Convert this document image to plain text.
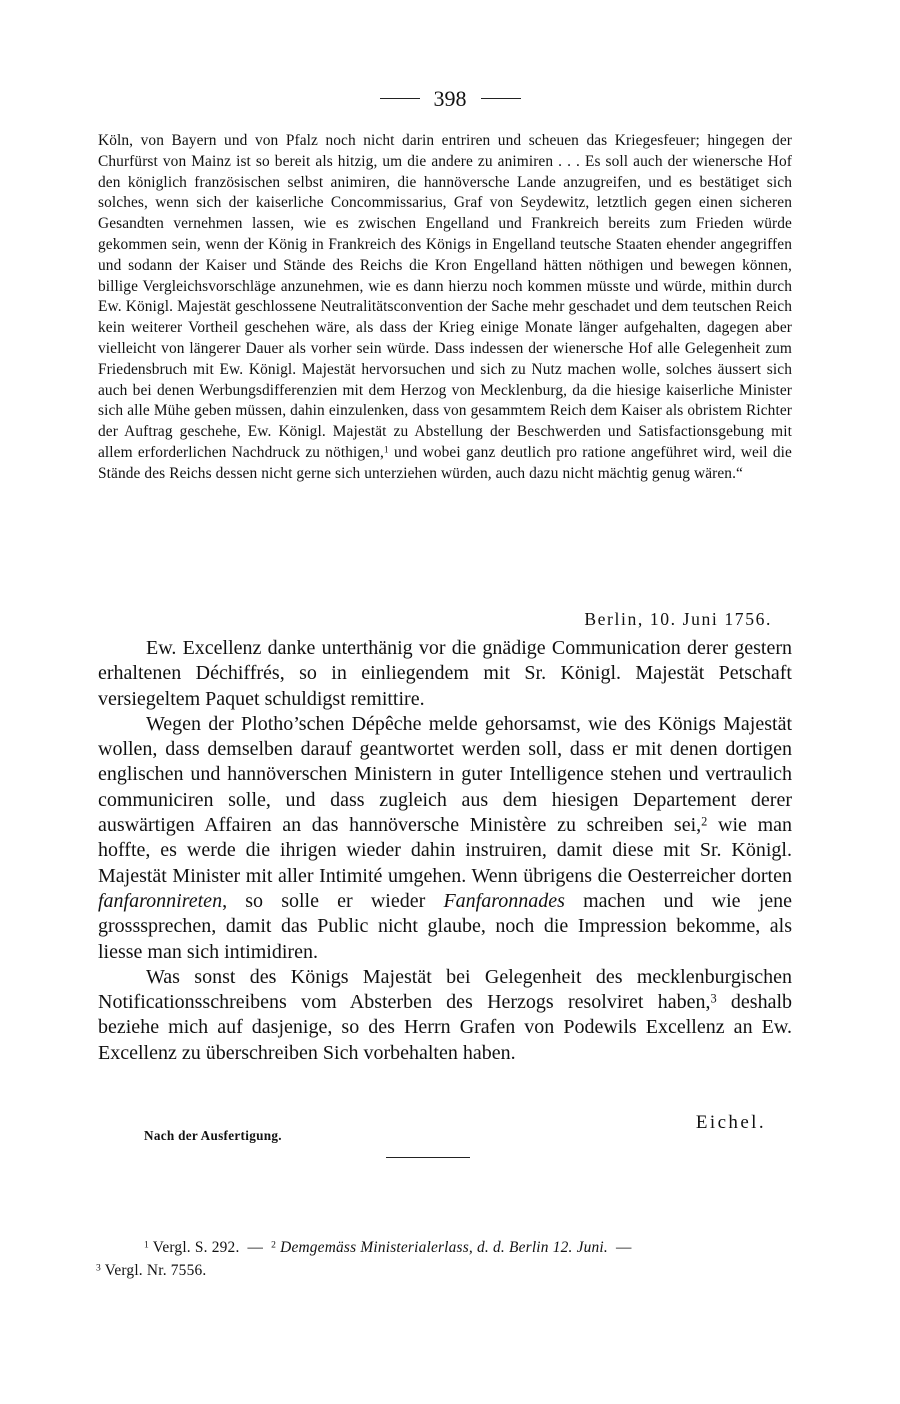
398
Köln, von Bayern und von Pfalz noch nicht darin entriren und scheuen das Kriegesfeuer; hingegen der Churfürst von Mainz ist so bereit als hitzig, um die andere zu animiren . . . Es soll auch der wienersche Hof den königlich französischen selbst animiren, die hannöversche Lande anzugreifen, und es bestätiget sich solches, wenn sich der kaiserliche Concommissarius, Graf von Seydewitz, letztlich gegen einen sicheren Gesandten vernehmen lassen, wie es zwischen Engelland und Frankreich bereits zum Frieden würde gekommen sein, wenn der König in Frankreich des Königs in Engelland teutsche Staaten ehender angegriffen und sodann der Kaiser und Stände des Reichs die Kron Engelland hätten nöthigen und bewegen können, billige Vergleichsvorschläge anzunehmen, wie es dann hierzu noch kommen müsste und würde, mithin durch Ew. Königl. Majestät geschlossene Neutralitätsconvention der Sache mehr geschadet und dem teutschen Reich kein weiterer Vortheil geschehen wäre, als dass der Krieg einige Monate länger aufgehalten, dagegen aber vielleicht von längerer Dauer als vorher sein würde. Dass indessen der wienersche Hof alle Gelegenheit zum Friedensbruch mit Ew. Königl. Majestät hervorsuchen und sich zu Nutz machen wolle, solches äussert sich auch bei denen Werbungsdifferenzien mit dem Herzog von Mecklenburg, da die hiesige kaiserliche Minister sich alle Mühe geben müssen, dahin einzulenken, dass von gesammtem Reich dem Kaiser als obristem Richter der Auftrag geschehe, Ew. Königl. Majestät zu Abstellung der Beschwerden und Satisfactionsgebung mit allem erforderlichen Nachdruck zu nöthigen,$^1$ und wobei ganz deutlich pro ratione angeführet wird, weil die Stände des Reichs dessen nicht gerne sich unterziehen würden, auch dazu nicht mächtig genug wären.“
Berlin, 10. Juni 1756.

Ew. Excellenz danke unterthänig vor die gnädige Communication derer gestern erhaltenen Déchiffrés, so in einliegendem mit Sr. Königl. Majestät Petschaft versiegeltem Paquet schuldigst remittire.

Wegen der Plotho’schen Dépêche melde gehorsamst, wie des Königs Majestät wollen, dass demselben darauf geantwortet werden soll, dass er mit denen dortigen englischen und hannöverschen Ministern in guter Intelligence stehen und vertraulich communiciren solle, und dass zugleich aus dem hiesigen Departement derer auswärtigen Affairen an das hannöversche Ministère zu schreiben sei,$^2$ wie man hoffte, es werde die ihrigen wieder dahin instruiren, damit diese mit Sr. Königl. Majestät Minister mit aller Intimité umgehen. Wenn übrigens die Oesterreicher dorten fanfaronnireten, so solle er wieder Fanfaronnades machen und wie jene grosssprechen, damit das Public nicht glaube, noch die Impression bekomme, als liesse man sich intimidiren.

Was sonst des Königs Majestät bei Gelegenheit des mecklenburgischen Notificationsschreibens vom Absterben des Herzogs resolviret haben,$^3$ deshalb beziehe mich auf dasjenige, so des Herrn Grafen von Podewils Excellenz an Ew. Excellenz zu überschreiben Sich vorbehalten haben.

Eichel.
Nach der Ausfertigung.
$^1$ Vergl. S. 292. — $^2$ Demgemäss Ministerialerlass, d. d. Berlin 12. Juni. —
$^3$ Vergl. Nr. 7556.
